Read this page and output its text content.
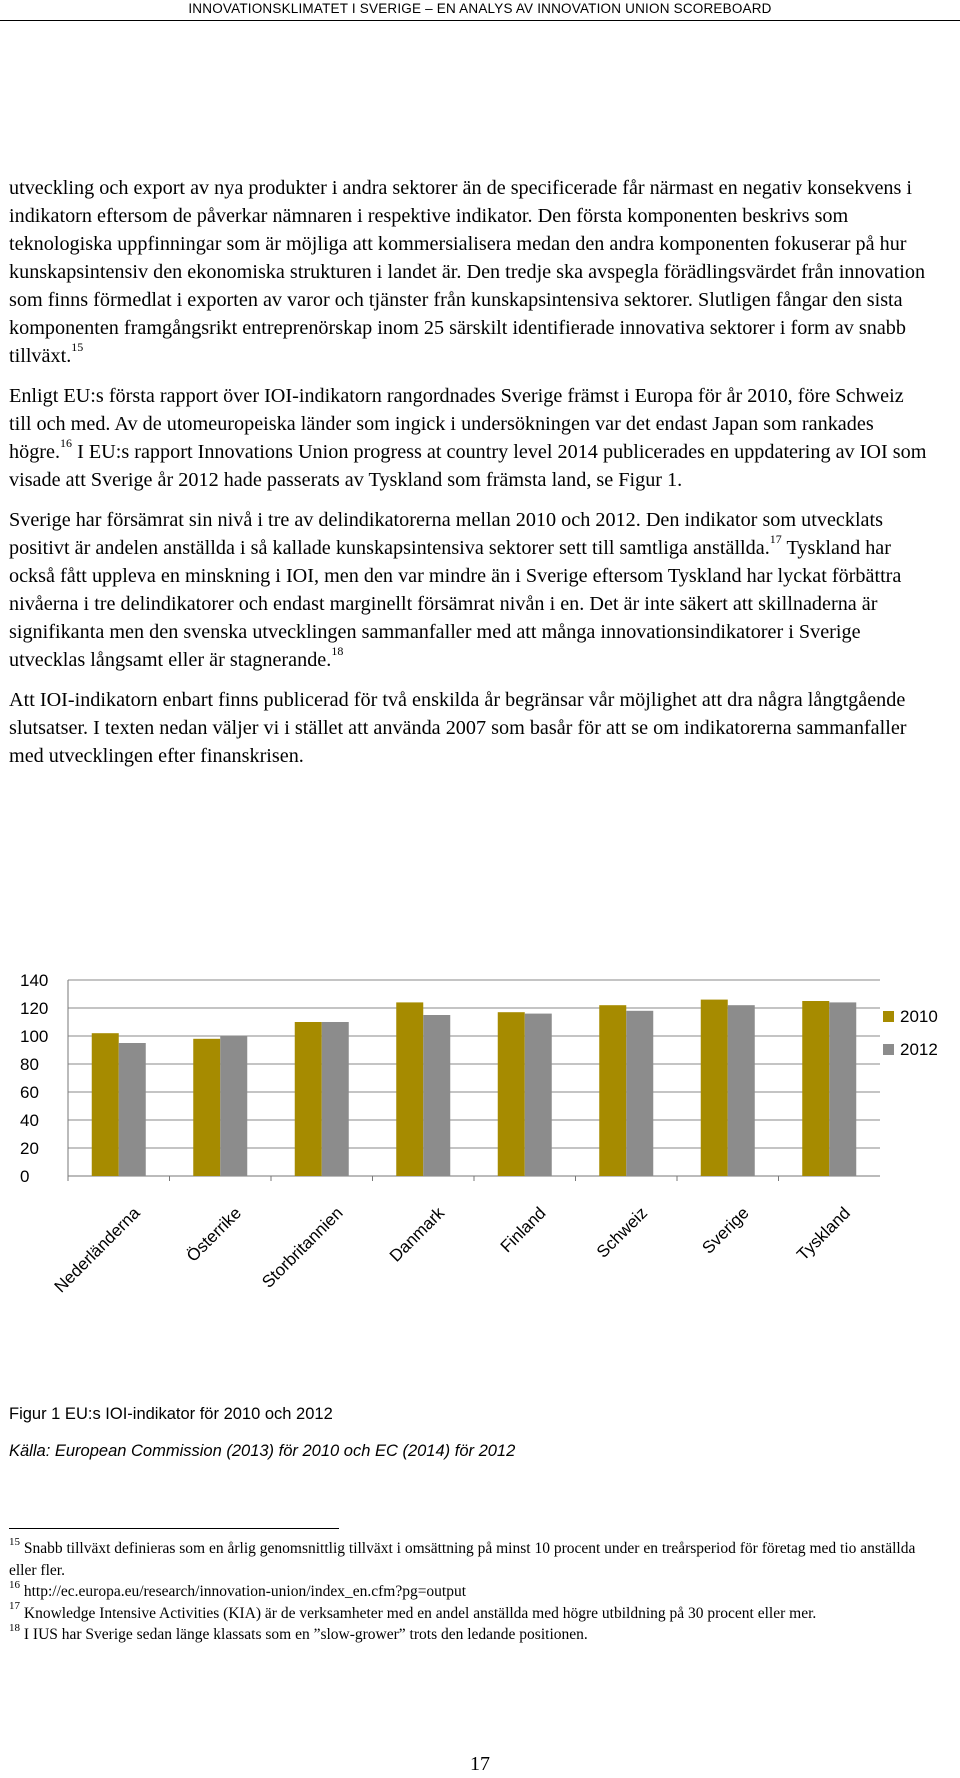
INNOVATIONSKLIMATET I SVERIGE – EN ANALYS AV INNOVATION UNION SCOREBOARD

utveckling och export av nya produkter i andra sektorer än de specificerade får närmast en negativ konsekvens i indikatorn eftersom de påverkar nämnaren i respektive indikator. Den första komponenten beskrivs som teknologiska uppfinningar som är möjliga att kommersialisera medan den andra komponenten fokuserar på hur kunskapsintensiv den ekonomiska strukturen i landet är. Den tredje ska avspegla förädlingsvärdet från innovation som finns förmedlat i exporten av varor och tjänster från kunskapsintensiva sektorer. Slutligen fångar den sista komponenten framgångsrikt entreprenörskap inom 25 särskilt identifierade innovativa sektorer i form av snabb tillväxt.$^{15}$

Enligt EU:s första rapport över IOI-indikatorn rangordnades Sverige främst i Europa för år 2010, före Schweiz till och med. Av de utomeuropeiska länder som ingick i undersökningen var det endast Japan som rankades högre.$^{16}$ I EU:s rapport Innovations Union progress at country level 2014 publicerades en uppdatering av IOI som visade att Sverige år 2012 hade passerats av Tyskland som främsta land, se Figur 1.

Sverige har försämrat sin nivå i tre av delindikatorerna mellan 2010 och 2012. Den indikator som utvecklats positivt är andelen anställda i så kallade kunskapsintensiva sektorer sett till samtliga anställda.$^{17}$ Tyskland har också fått uppleva en minskning i IOI, men den var mindre än i Sverige eftersom Tyskland har lyckat förbättra nivåerna i tre delindikatorer och endast marginellt försämrat nivån i en. Det är inte säkert att skillnaderna är signifikanta men den svenska utvecklingen sammanfaller med att många innovationsindikatorer i Sverige utvecklas långsamt eller är stagnerande.$^{18}$

Att IOI-indikatorn enbart finns publicerad för två enskilda år begränsar vår möjlighet att dra några långtgående slutsatser. I texten nedan väljer vi i stället att använda 2007 som basår för att se om indikatorerna sammanfaller med utvecklingen efter finanskrisen.

0
20
40
60
80
100
120
140
Nederländerna Österrike Storbritannien Danmark	Finland	Schweiz	Sverige Tyskland
2010
2012
Figur 1 EU:s IOI-indikator för 2010 och 2012
Källa: European Commission (2013) för 2010 och EC (2014) för 2012
$^{15}$ Snabb tillväxt definieras som en årlig genomsnittlig tillväxt i omsättning på minst 10 procent under en treårsperiod för företag med tio anställda eller fler.
$^{16}$ http://ec.europa.eu/research/innovation-union/index_en.cfm?pg=output
$^{17}$ Knowledge Intensive Activities (KIA) är de verksamheter med en andel anställda med högre utbildning på 30 procent eller mer.
$^{18}$ I IUS har Sverige sedan länge klassats som en ”slow-grower” trots den ledande positionen.
17
